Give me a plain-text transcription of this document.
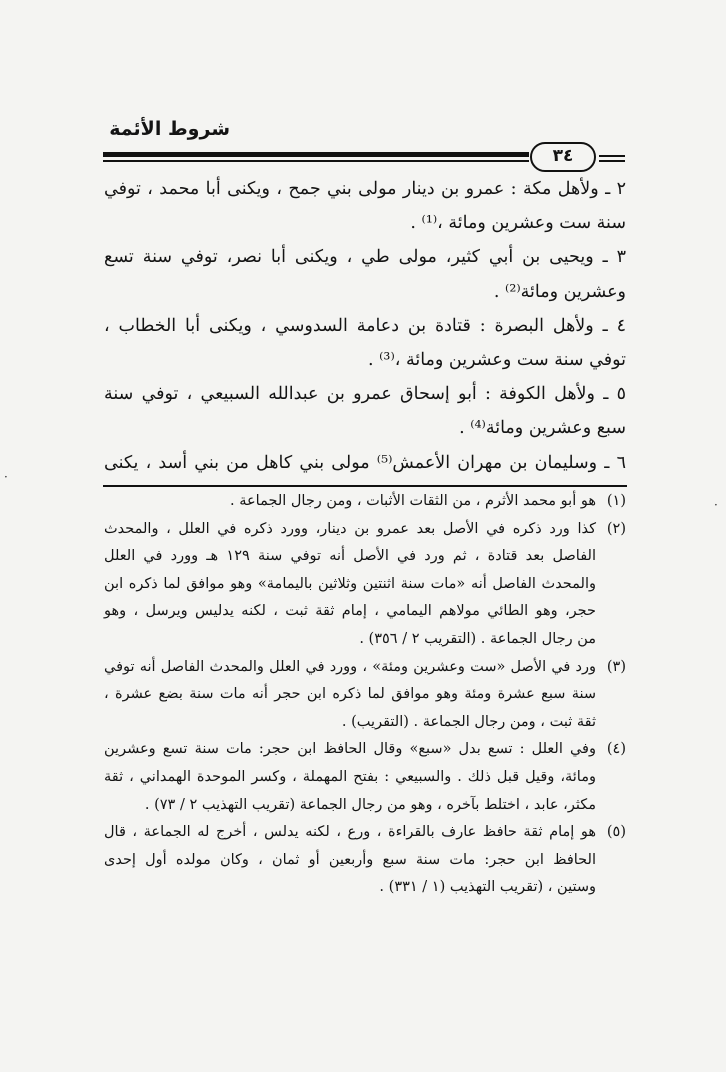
شروط الأئمة
٣٤

٢ ـ ولأهل مكة : عمرو بن دينار مولى بني جمح ، ويكنى أبا محمد ، توفي
سنة ست وعشرين ومائة ،⁽¹⁾ .

٣ ـ ويحيى بن أبي كثير، مولى طي ، ويكنى أبا نصر، توفي سنة تسع
وعشرين ومائة⁽²⁾ .

٤ ـ ولأهل البصرة : قتادة بن دعامة السدوسي ، ويكنى أبا الخطاب ،
توفي سنة ست وعشرين ومائة ،⁽³⁾ .

٥ ـ ولأهل الكوفة : أبو إسحاق عمرو بن عبدالله السبيعي ، توفي سنة
سبع وعشرين ومائة⁽⁴⁾ .

٦ ـ وسليمان بن مهران الأعمش⁽⁵⁾ مولى بني كاهل من بني أسد ، يكنى

(١)
هو أبو محمد الأثرم ، من الثقات الأثبات ، ومن رجال الجماعة .
(٢)
كذا ورد ذكره في الأصل بعد عمرو بن دينار، وورد ذكره في العلل ، والمحدث
الفاصل بعد قتادة ، ثم ورد في الأصل أنه توفي سنة ١٢٩ هـ وورد في العلل
والمحدث الفاصل أنه «مات سنة اثنتين وثلاثين باليمامة» وهو موافق لما ذكره ابن
حجر، وهو الطائي مولاهم اليمامي ، إمام ثقة ثبت ، لكنه يدليس ويرسل ، وهو
من رجال الجماعة . (التقريب ٢ / ٣٥٦) .
(٣)
ورد في الأصل «ست وعشرين ومئة» ، وورد في العلل والمحدث الفاصل أنه توفي
سنة سبع عشرة ومئة وهو موافق لما ذكره ابن حجر أنه مات سنة بضع عشرة ،
ثقة ثبت ، ومن رجال الجماعة . (التقريب) .
(٤)
وفي العلل : تسع بدل «سبع» وقال الحافظ ابن حجر: مات سنة تسع وعشرين
ومائة، وقيل قبل ذلك . والسبيعي : بفتح المهملة ، وكسر الموحدة الهمداني ، ثقة
مكثر، عابد ، اختلط بآخره ، وهو من رجال الجماعة (تقريب التهذيب ٢ / ٧٣) .
(٥)
هو إمام ثقة حافظ عارف بالقراءة ، ورع ، لكنه يدلس ، أخرج له الجماعة ، قال
الحافظ ابن حجر: مات سنة سبع وأربعين أو ثمان ، وكان مولده أول إحدى
وستين ، (تقريب التهذيب (١ / ٣٣١) .
·
·
